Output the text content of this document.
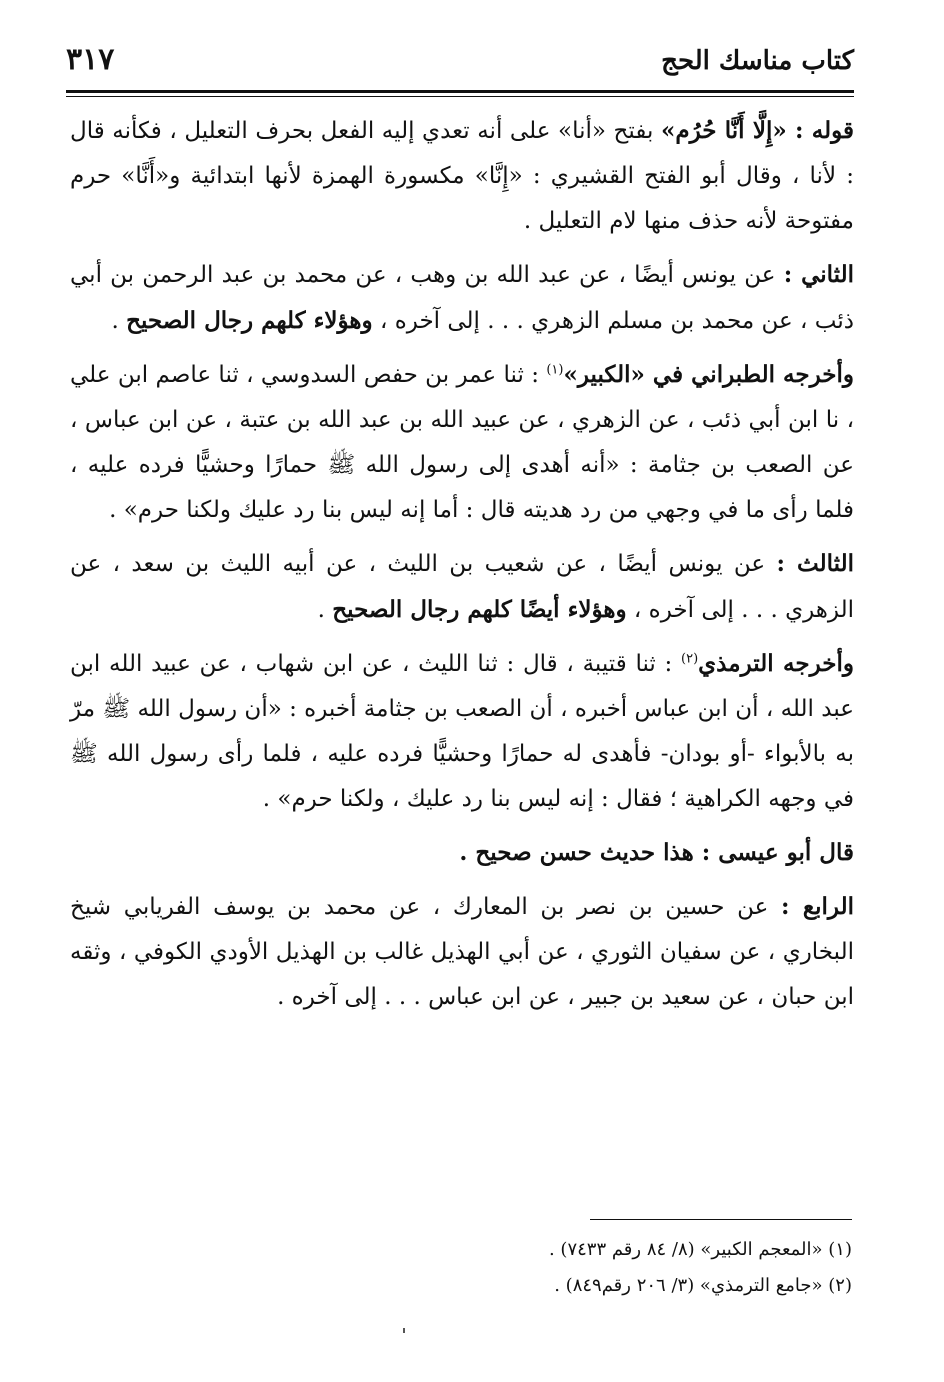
٣١٧	كتاب مناسك الحج

قوله : «إِلَّا أَنَّا حُرُم» بفتح «أنا» على أنه تعدي إليه الفعل بحرف التعليل ، فكأنه قال : لأنا ، وقال أبو الفتح القشيري : «إِنَّا» مكسورة الهمزة لأنها ابتدائية و«أَنَّا» حرم مفتوحة لأنه حذف منها لام التعليل .

الثاني : عن يونس أيضًا ، عن عبد الله بن وهب ، عن محمد بن عبد الرحمن بن أبي ذئب ، عن محمد بن مسلم الزهري . . . إلى آخره ، وهؤلاء كلهم رجال الصحيح .

وأخرجه الطبراني في «الكبير»$^{(١)}$ : ثنا عمر بن حفص السدوسي ، ثنا عاصم ابن علي ، نا ابن أبي ذئب ، عن الزهري ، عن عبيد الله بن عبد الله بن عتبة ، عن ابن عباس ، عن الصعب بن جثامة : «أنه أهدى إلى رسول الله ﷺ حمارًا وحشيًّا فرده عليه ، فلما رأى ما في وجهي من رد هديته قال : أما إنه ليس بنا رد عليك ولكنا حرم» .

الثالث : عن يونس أيضًا ، عن شعيب بن الليث ، عن أبيه الليث بن سعد ، عن الزهري . . . إلى آخره ، وهؤلاء أيضًا كلهم رجال الصحيح .

وأخرجه الترمذي$^{(٢)}$ : ثنا قتيبة ، قال : ثنا الليث ، عن ابن شهاب ، عن عبيد الله ابن عبد الله ، أن ابن عباس أخبره ، أن الصعب بن جثامة أخبره : «أن رسول الله ﷺ مرّ به بالأبواء -أو بودان- فأهدى له حمارًا وحشيًّا فرده عليه ، فلما رأى رسول الله ﷺ في وجهه الكراهية ؛ فقال : إنه ليس بنا رد عليك ، ولكنا حرم» .

قال أبو عيسى : هذا حديث حسن صحيح .

الرابع : عن حسين بن نصر بن المعارك ، عن محمد بن يوسف الفريابي شيخ البخاري ، عن سفيان الثوري ، عن أبي الهذيل غالب بن الهذيل الأودي الكوفي ، وثقه ابن حبان ، عن سعيد بن جبير ، عن ابن عباس . . . إلى آخره .

(١) «المعجم الكبير» (٨/ ٨٤ رقم ٧٤٣٣) .

(٢) «جامع الترمذي» (٣/ ٢٠٦ رقم٨٤٩) .
